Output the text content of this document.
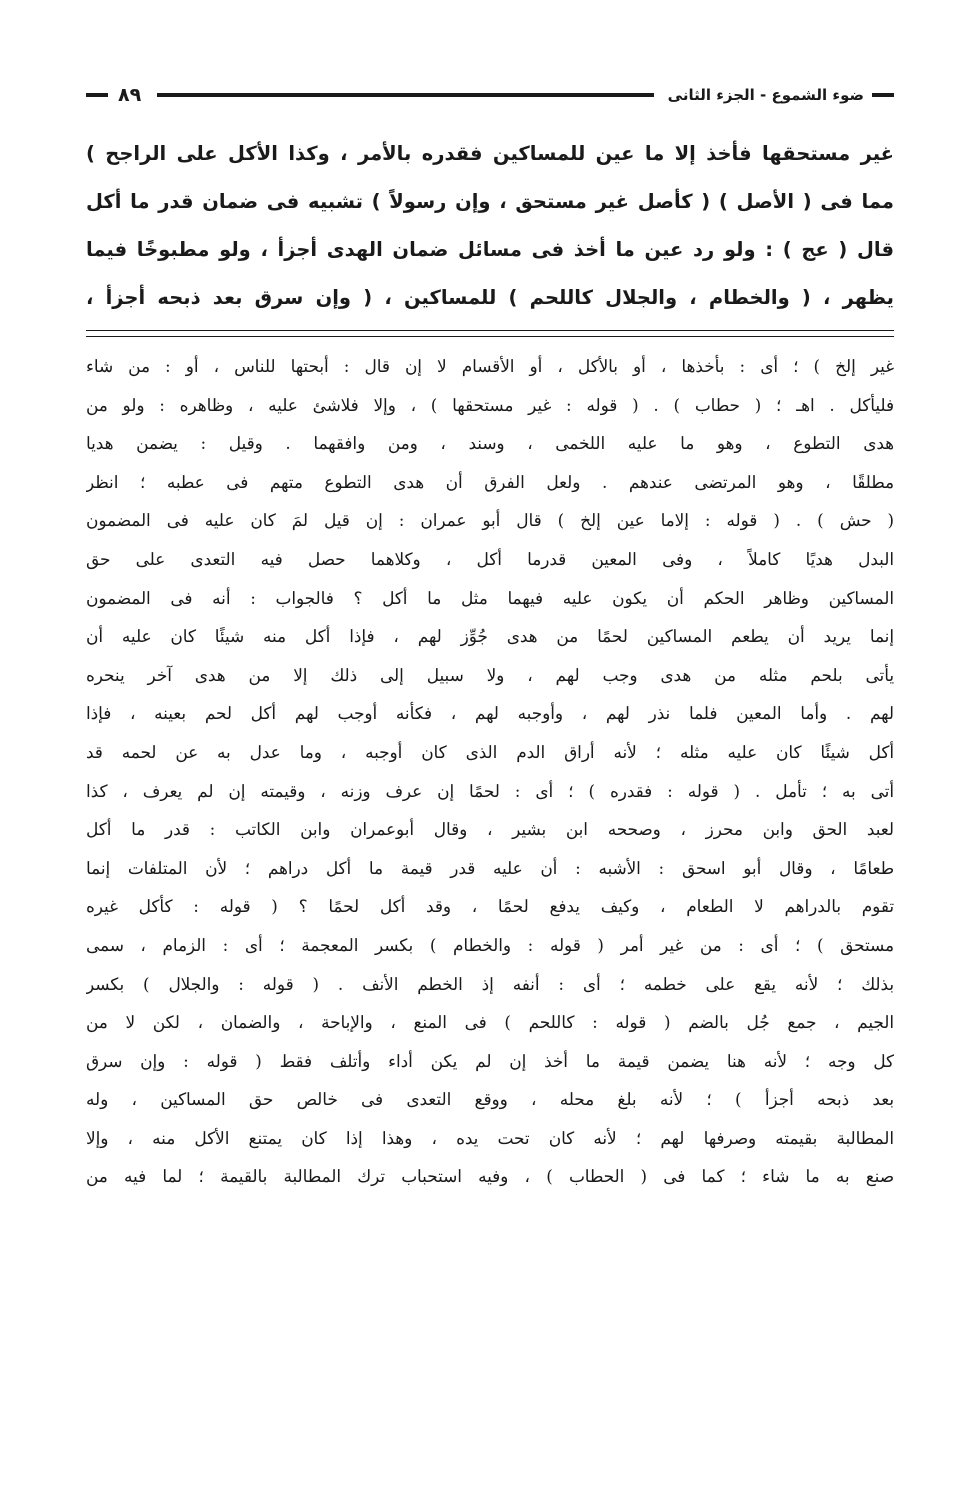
٨٩	ضوء الشموع - الجزء الثانى
غير مستحقها فأخذ إلا ما عين للمساكين فقدره بالأمر ، وكذا الأكل على الراجح )
مما فى ( الأصل ) ( كأصل غير مستحق ، وإن رسولاً ) تشبيه فى ضمان قدر ما أكل
قال ( عج ) : ولو رد عين ما أخذ فى مسائل ضمان الهدى أجزأ ، ولو مطبوخًا فيما
يظهر ، ( والخطام ، والجلال كاللحم ) للمساكين ، ( وإن سرق بعد ذبحه أجزأ ،
غير إلخ ) ؛ أى : بأخذها ، أو بالأكل ، أو الأقسام لا إن قال : أبحتها للناس ، أو : من شاء
فليأكل . اهـ ؛ ( حطاب ) . ( قوله : غير مستحقها ) ، وإلا فلاشئ عليه ، وظاهره : ولو من
هدى التطوع ، وهو ما عليه اللخمى ، وسند ، ومن وافقهما . وقيل : يضمن هديا
مطلقًا ، وهو المرتضى عندهم . ولعل الفرق أن هدى التطوع متهم فى عطبه ؛ انظر
( حش ) . ( قوله : إلاما عين إلخ ) قال أبو عمران : إن قيل لمَ كان عليه فى المضمون
البدل هديًا كاملاً ، وفى المعين قدرما أكل ، وكلاهما حصل فيه التعدى على حق
المساكين وظاهر الحكم أن يكون عليه فيهما مثل ما أكل ؟ فالجواب : أنه فى المضمون
إنما يريد أن يطعم المساكين لحمًا من هدى جُوِّز لهم ، فإذا أكل منه شيئًا كان عليه أن
يأتى بلحم مثله من هدى وجب لهم ، ولا سبيل إلى ذلك إلا من هدى آخر ينحره
لهم . وأما المعين فلما نذر لهم ، وأوجبه لهم ، فكأنه أوجب لهم أكل لحم بعينه ، فإذا
أكل شيئًا كان عليه مثله ؛ لأنه أراق الدم الذى كان أوجبه ، وما عدل به عن لحمه قد
أتى به ؛ تأمل . ( قوله : فقدره ) ؛ أى : لحمًا إن عرف وزنه ، وقيمته إن لم يعرف ، كذا
لعبد الحق وابن محرز ، وصححه ابن بشير ، وقال أبوعمران وابن الكاتب : قدر ما أكل
طعامًا ، وقال أبو اسحق : الأشبه : أن عليه قدر قيمة ما أكل دراهم ؛ لأن المتلفات إنما
تقوم بالدراهم لا الطعام ، وكيف يدفع لحمًا ، وقد أكل لحمًا ؟ ( قوله : كأكل غيره
مستحق ) ؛ أى : من غير أمر ( قوله : والخطام ) بكسر المعجمة ؛ أى : الزمام ، سمى
بذلك ؛ لأنه يقع على خطمه ؛ أى : أنفه إذ الخطم الأنف . ( قوله : والجلال ) بكسر
الجيم ، جمع جُل بالضم ( قوله : كاللحم ) فى المنع ، والإباحة ، والضمان ، لكن لا من
كل وجه ؛ لأنه هنا يضمن قيمة ما أخذ إن لم يكن أداء وأتلف فقط ( قوله : وإن سرق
بعد ذبحه أجزأ ) ؛ لأنه بلغ محله ، ووقع التعدى فى خالص حق المساكين ، وله
المطالبة بقيمته وصرفها لهم ؛ لأنه كان تحت يده ، وهذا إذا كان يمتنع الأكل منه ، وإلا
صنع به ما شاء ؛ كما فى ( الحطاب ) ، وفيه استحباب ترك المطالبة بالقيمة ؛ لما فيه من
